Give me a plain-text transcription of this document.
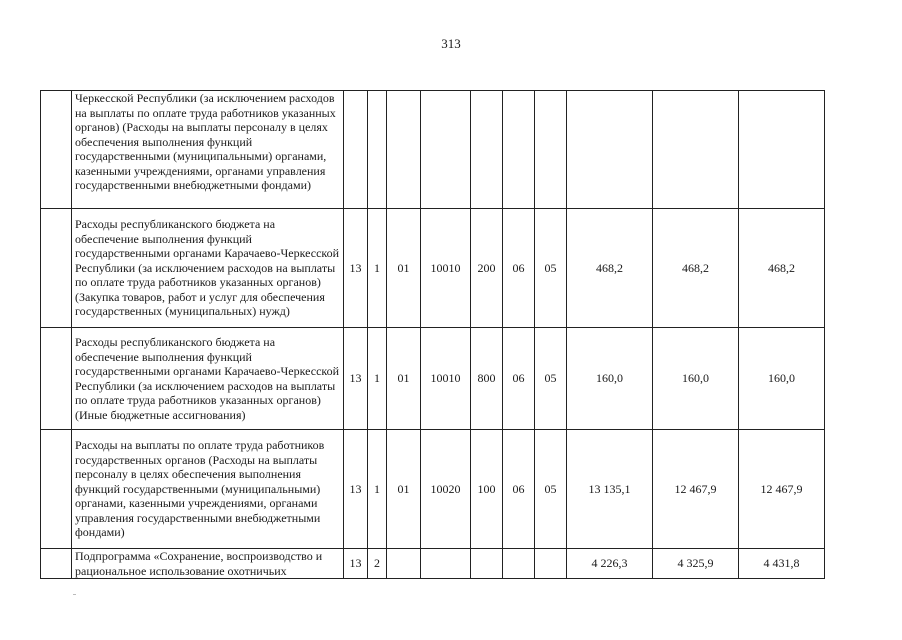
313
	Черкесской Республики (за исключением расходов на выплаты по оплате труда работников указанных органов) (Расходы на выплаты персоналу в целях обеспечения выполнения функций государственными (муниципальными) органами, казенными учреждениями, органами управления государственными внебюджетными фондами)										
	Расходы республиканского бюджета на обеспечение выполнения функций государственными органами Карачаево-Черкесской Республики (за исключением расходов на выплаты по оплате труда работников указанных органов) (Закупка товаров, работ и услуг для обеспечения государственных (муниципальных) нужд)	13	1	01	10010	200	06	05	468,2	468,2	468,2
	Расходы республиканского бюджета на обеспечение выполнения функций государственными органами Карачаево-Черкесской Республики (за исключением расходов на выплаты по оплате труда работников указанных органов) (Иные бюджетные ассигнования)	13	1	01	10010	800	06	05	160,0	160,0	160,0
	Расходы на выплаты по оплате труда работников государственных органов (Расходы на выплаты персоналу в целях обеспечения выполнения функций государственными (муниципальными) органами, казенными учреждениями, органами управления государственными внебюджетными фондами)	13	1	01	10020	100	06	05	13 135,1	12 467,9	12 467,9
	Подпрограмма «Сохранение, воспроизводство и рациональное использование охотничьих	13	2						4 226,3	4 325,9	4 431,8
